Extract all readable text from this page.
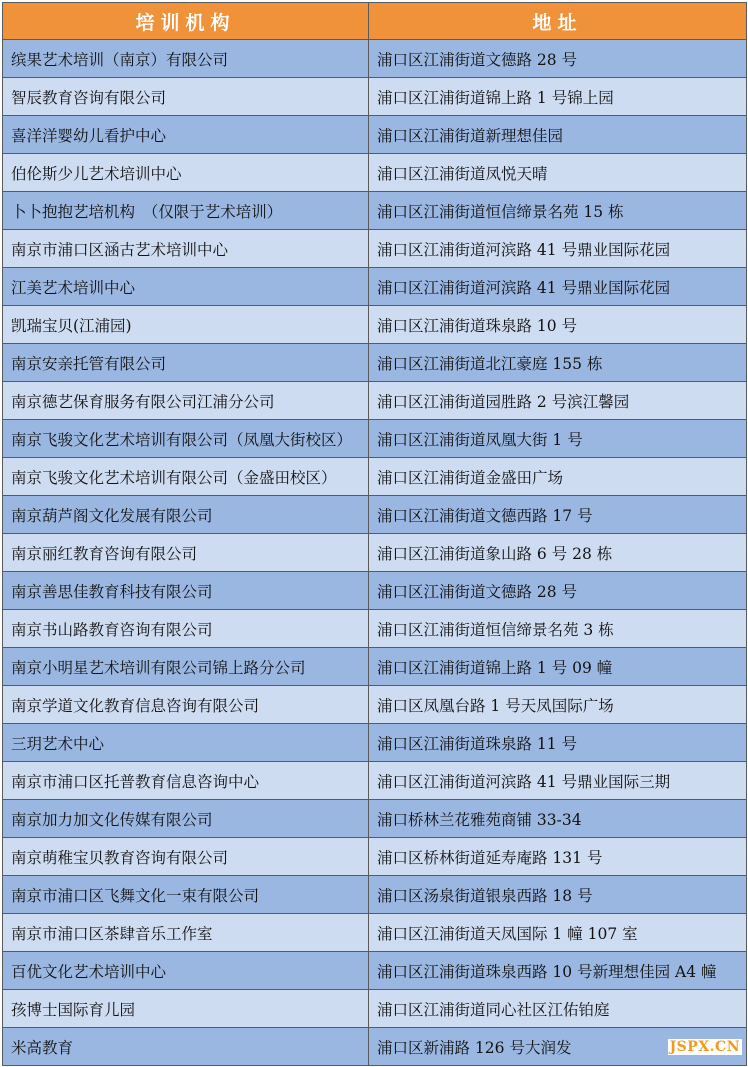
培训机构	地址
缤果艺术培训（南京）有限公司	浦口区江浦街道文德路 28 号
智辰教育咨询有限公司	浦口区江浦街道锦上路 1 号锦上园
喜洋洋婴幼儿看护中心	浦口区江浦街道新理想佳园
伯伦斯少儿艺术培训中心	浦口区江浦街道凤悦天晴
卜卜抱抱艺培机构　（仅限于艺术培训）	浦口区江浦街道恒信缔景名苑 15 栋
南京市浦口区涵古艺术培训中心	浦口区江浦街道河滨路 41 号鼎业国际花园
江美艺术培训中心	浦口区江浦街道河滨路 41 号鼎业国际花园
凯瑞宝贝(江浦园)	浦口区江浦街道珠泉路 10 号
南京安亲托管有限公司	浦口区江浦街道北江豪庭 155 栋
南京德艺保育服务有限公司江浦分公司	浦口区江浦街道园胜路 2 号滨江馨园
南京飞骏文化艺术培训有限公司（凤凰大街校区）	浦口区江浦街道凤凰大街 1 号
南京飞骏文化艺术培训有限公司（金盛田校区）	浦口区江浦街道金盛田广场
南京葫芦阁文化发展有限公司	浦口区江浦街道文德西路 17 号
南京丽红教育咨询有限公司	浦口区江浦街道象山路 6 号 28 栋
南京善思佳教育科技有限公司	浦口区江浦街道文德路 28 号
南京书山路教育咨询有限公司	浦口区江浦街道恒信缔景名苑 3 栋
南京小明星艺术培训有限公司锦上路分公司	浦口区江浦街道锦上路 1 号 09 幢
南京学道文化教育信息咨询有限公司	浦口区凤凰台路 1 号天凤国际广场
三玥艺术中心	浦口区江浦街道珠泉路 11 号
南京市浦口区托普教育信息咨询中心	浦口区江浦街道河滨路 41 号鼎业国际三期
南京加力加文化传媒有限公司	浦口桥林兰花雅苑商铺 33-34
南京萌稚宝贝教育咨询有限公司	浦口区桥林街道延寿庵路 131 号
南京市浦口区飞舞文化一束有限公司	浦口区汤泉街道银泉西路 18 号
南京市浦口区茶肆音乐工作室	浦口区江浦街道天凤国际 1 幢 107 室
百优文化艺术培训中心	浦口区江浦街道珠泉西路 10 号新理想佳园 A4 幢
孩博士国际育儿园	浦口区江浦街道同心社区江佑铂庭
米高教育	浦口区新浦路 126 号大润发	JSPX.CN
